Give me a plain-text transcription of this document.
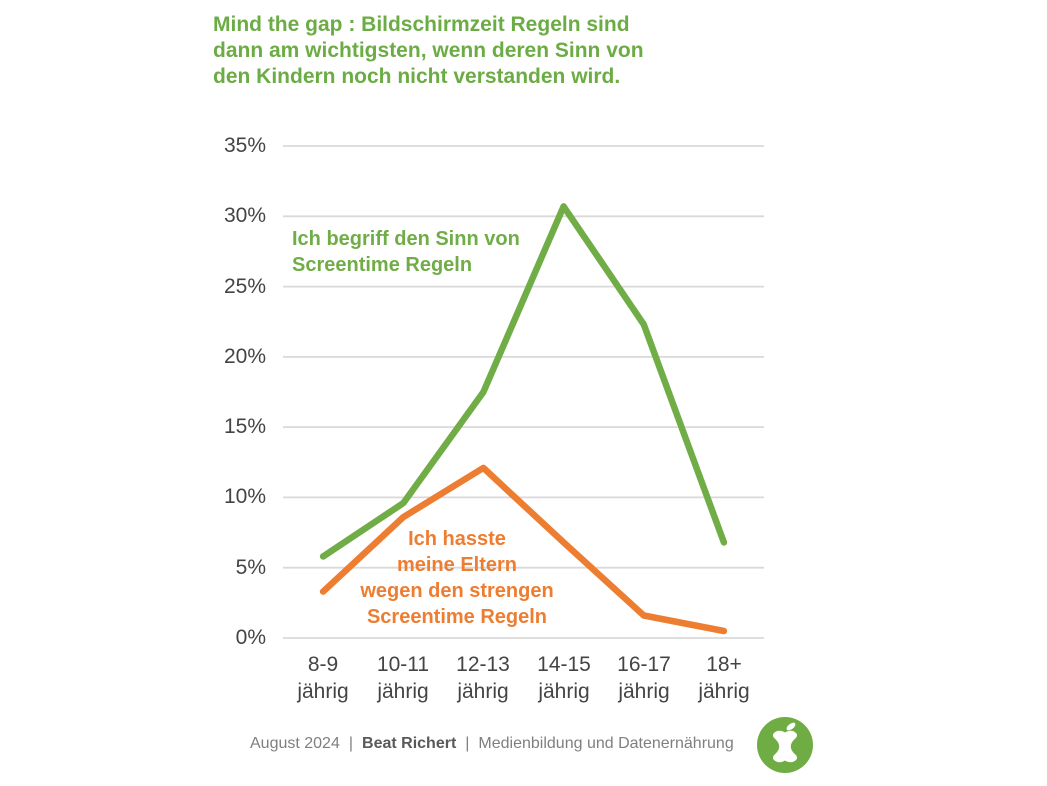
Mind the gap : Bildschirmzeit Regeln sind
dann am wichtigsten, wenn deren Sinn von
den Kindern noch nicht verstanden wird.
35%
30%
25%
20%
15%
10%
5%
0%
8-9
jährig
10-11
jährig
12-13
jährig
14-15
jährig
16-17
jährig
18+
jährig
Ich begriff den Sinn von
Screentime Regeln
Ich hasste
meine Eltern
wegen den strengen
Screentime Regeln
August 2024 | Beat Richert | Medienbildung und Datenernährung
